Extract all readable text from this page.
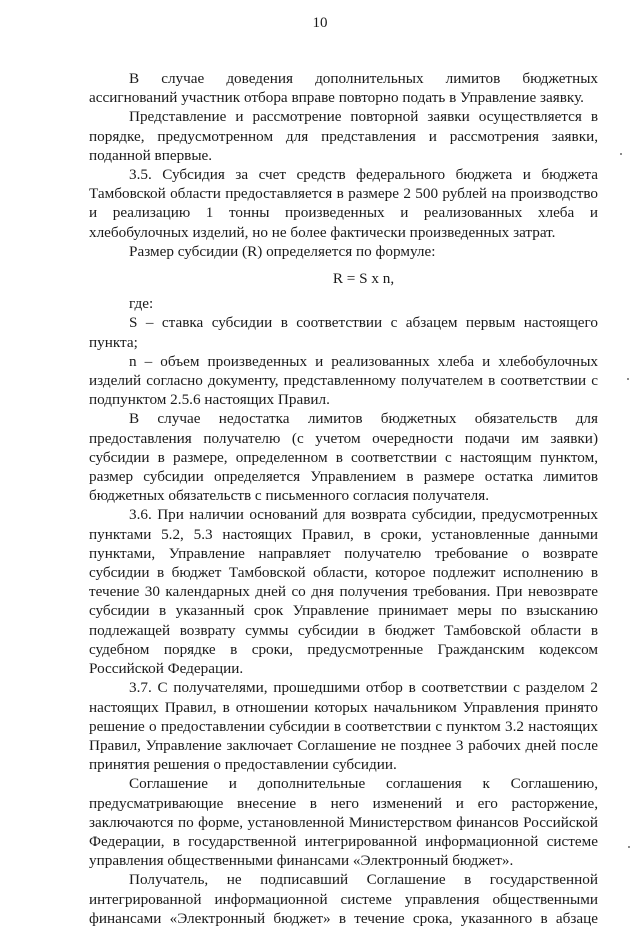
10
В случае доведения дополнительных лимитов бюджетных
ассигнований участник отбора вправе повторно подать в Управление заявку.
Представление и рассмотрение повторной заявки осуществляется в
порядке, предусмотренном для представления и рассмотрения заявки,
поданной впервые.
3.5. Субсидия за счет средств федерального бюджета и бюджета
Тамбовской области предоставляется в размере 2 500 рублей на производство
и реализацию 1 тонны произведенных и реализованных хлеба и
хлебобулочных изделий, но не более фактически произведенных затрат.
Размер субсидии (R) определяется по формуле:
R = S x n,
где:
S – ставка субсидии в соответствии с абзацем первым настоящего
пункта;
n – объем произведенных и реализованных хлеба и хлебобулочных
изделий согласно документу, представленному получателем в соответствии с
подпунктом 2.5.6 настоящих Правил.
В случае недостатка лимитов бюджетных обязательств для
предоставления получателю (с учетом очередности подачи им заявки)
субсидии в размере, определенном в соответствии с настоящим пунктом,
размер субсидии определяется Управлением в размере остатка лимитов
бюджетных обязательств с письменного согласия получателя.
3.6. При наличии оснований для возврата субсидии, предусмотренных
пунктами 5.2, 5.3 настоящих Правил, в сроки, установленные данными
пунктами, Управление направляет получателю требование о возврате
субсидии в бюджет Тамбовской области, которое подлежит исполнению в
течение 30 календарных дней со дня получения требования. При невозврате
субсидии в указанный срок Управление принимает меры по взысканию
подлежащей возврату суммы субсидии в бюджет Тамбовской области в
судебном порядке в сроки, предусмотренные Гражданским кодексом
Российской Федерации.
3.7. С получателями, прошедшими отбор в соответствии с разделом 2
настоящих Правил, в отношении которых начальником Управления принято
решение о предоставлении субсидии в соответствии с пунктом 3.2 настоящих
Правил, Управление заключает Соглашение не позднее 3 рабочих дней после
принятия решения о предоставлении субсидии.
Соглашение и дополнительные соглашения к Соглашению,
предусматривающие внесение в него изменений и его расторжение,
заключаются по форме, установленной Министерством финансов Российской
Федерации, в государственной интегрированной информационной системе
управления общественными финансами «Электронный бюджет».
Получатель, не подписавший Соглашение в государственной
интегрированной информационной системе управления общественными
финансами «Электронный бюджет» в течение срока, указанного в абзаце
